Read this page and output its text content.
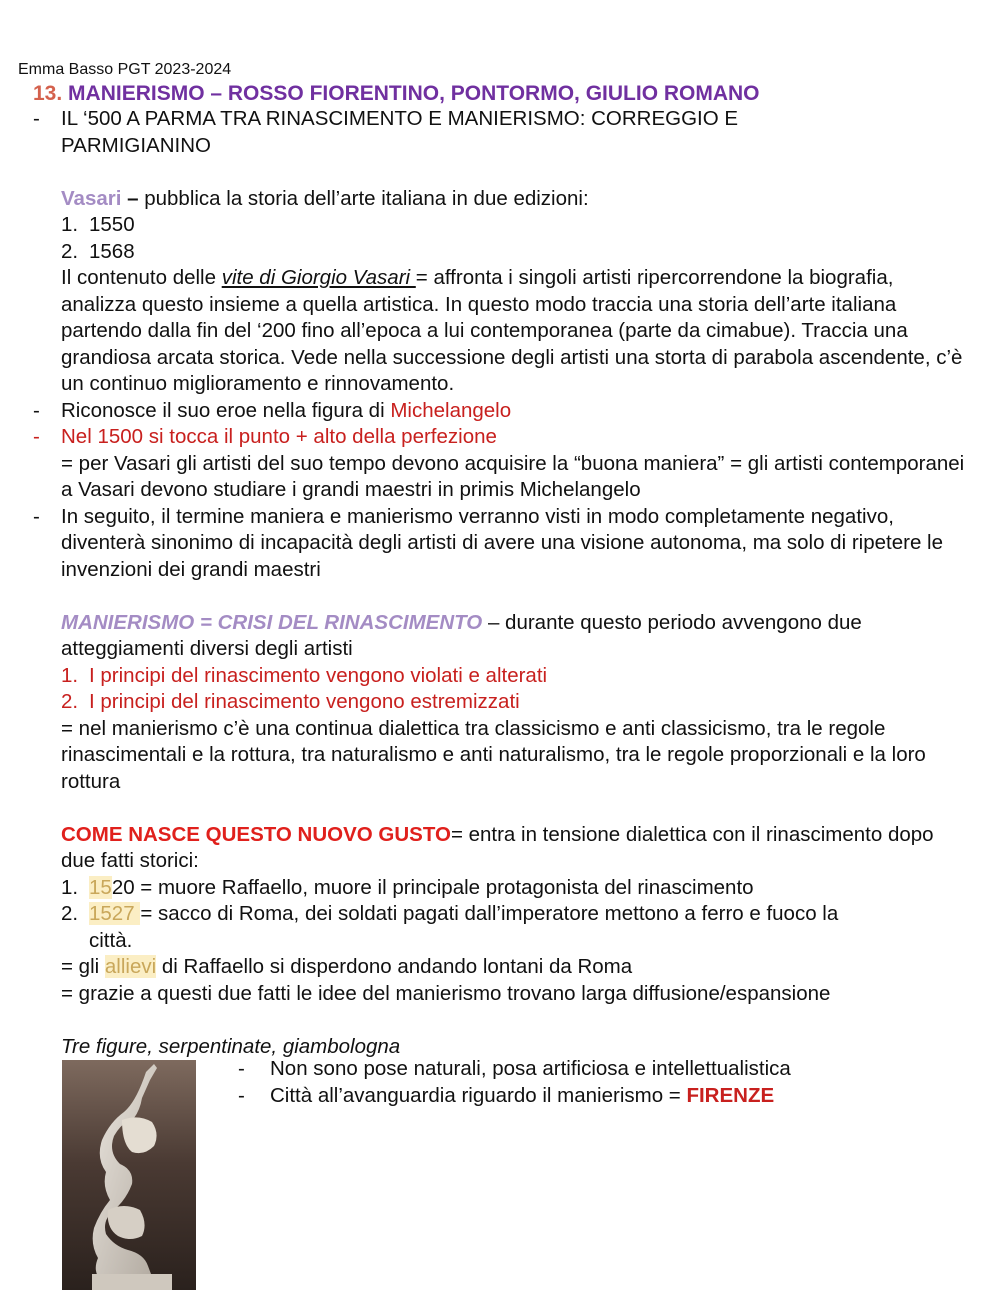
Emma Basso PGT 2023-2024
13. MANIERISMO – ROSSO FIORENTINO, PONTORMO, GIULIO ROMANO
- IL ‘500 A PARMA TRA RINASCIMENTO E MANIERISMO: CORREGGIO E
PARMIGIANINO
Vasari – pubblica la storia dell’arte italiana in due edizioni:
1. 1550
2. 1568
Il contenuto delle vite di Giorgio Vasari = affronta i singoli artisti ripercorrendone la biografia, analizza questo insieme a quella artistica. In questo modo traccia una storia dell’arte italiana partendo dalla fin del ‘200 fino all’epoca a lui contemporanea (parte da cimabue). Traccia una grandiosa arcata storica. Vede nella successione degli artisti una storta di parabola ascendente, c’è un continuo miglioramento e rinnovamento.
- Riconosce il suo eroe nella figura di Michelangelo
- Nel 1500 si tocca il punto + alto della perfezione
= per Vasari gli artisti del suo tempo devono acquisire la “buona maniera” = gli artisti contemporanei a Vasari devono studiare i grandi maestri in primis Michelangelo
- In seguito, il termine maniera e manierismo verranno visti in modo completamente negativo, diventerà sinonimo di incapacità degli artisti di avere una visione autonoma, ma solo di ripetere le invenzioni dei grandi maestri
MANIERISMO = CRISI DEL RINASCIMENTO – durante questo periodo avvengono due atteggiamenti diversi degli artisti
1. I principi del rinascimento vengono violati e alterati
2. I principi del rinascimento vengono estremizzati
= nel manierismo c’è una continua dialettica tra classicismo e anti classicismo, tra le regole rinascimentali e la rottura, tra naturalismo e anti naturalismo, tra le regole proporzionali e la loro rottura
COME NASCE QUESTO NUOVO GUSTO= entra in tensione dialettica con il rinascimento dopo due fatti storici:
1. 1520 = muore Raffaello, muore il principale protagonista del rinascimento
2. 1527 = sacco di Roma, dei soldati pagati dall’imperatore mettono a ferro e fuoco la
città.
= gli allievi di Raffaello si disperdono andando lontani da Roma
= grazie a questi due fatti le idee del manierismo trovano larga diffusione/espansione
Tre figure, serpentinate, giambologna
- Non sono pose naturali, posa artificiosa e intellettualistica
- Città all’avanguardia riguardo il manierismo = FIRENZE
